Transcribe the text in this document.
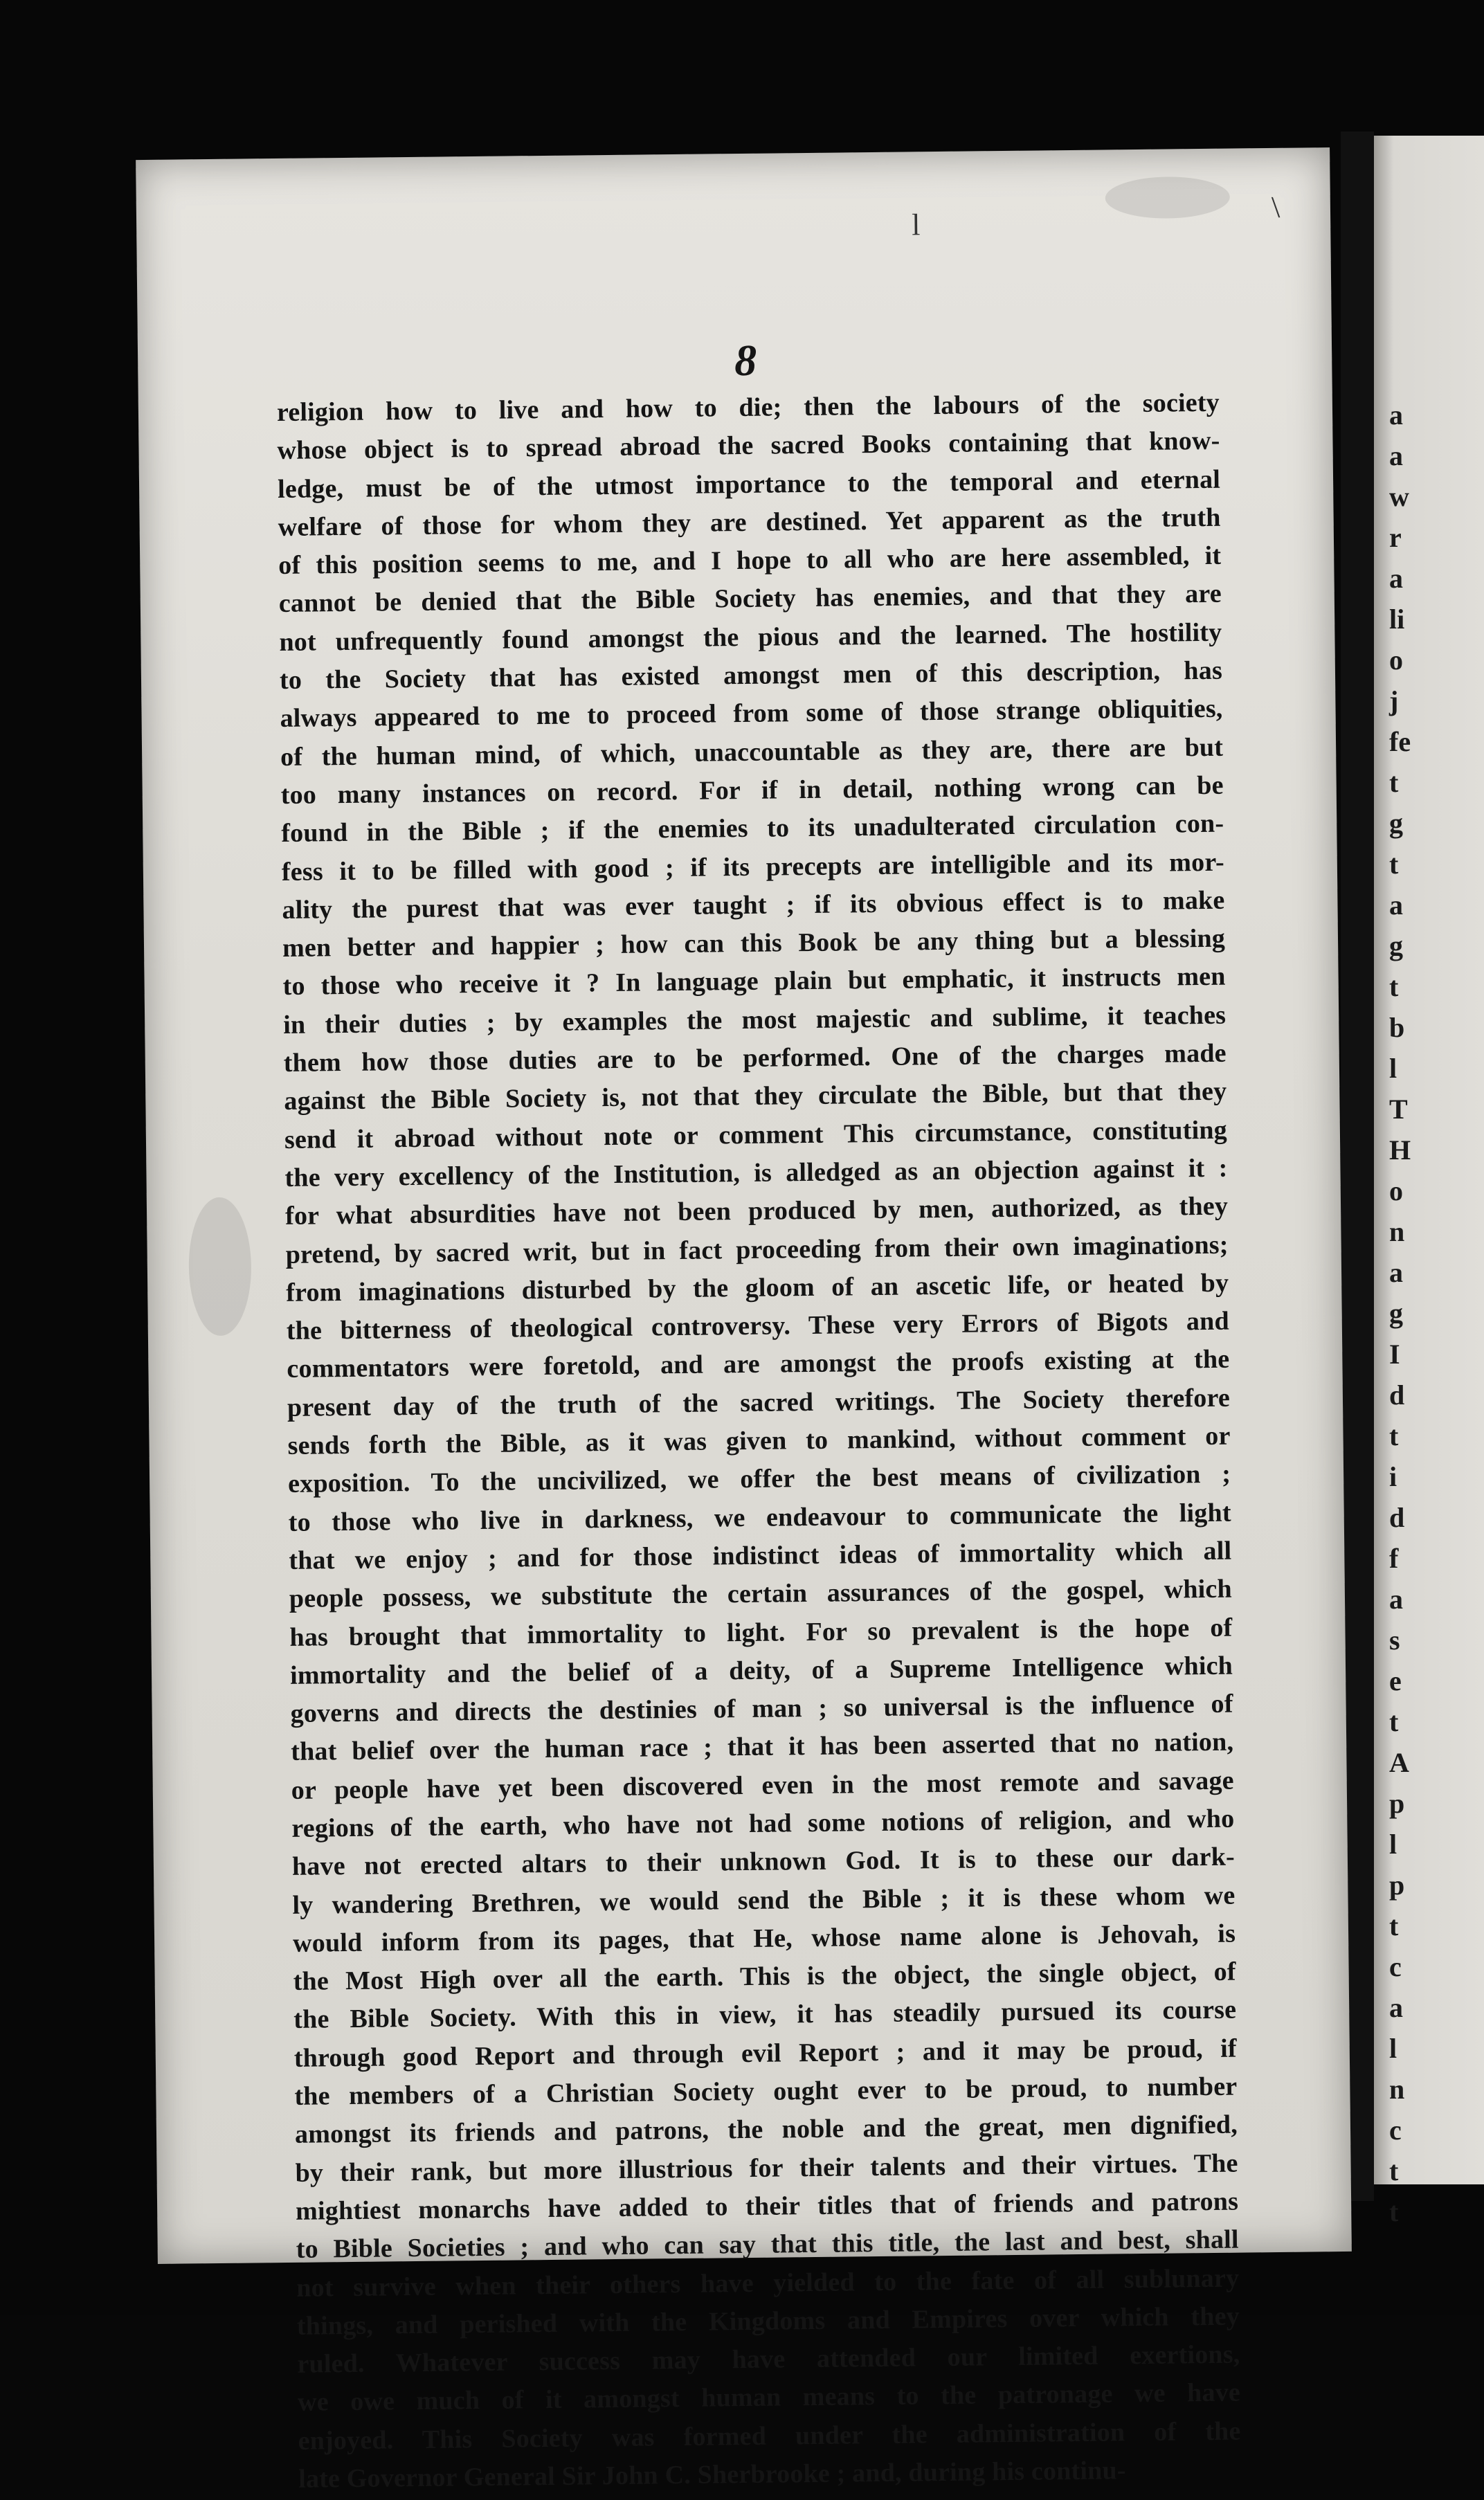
a
a
w
r
a
li
o
j
fe
t
g
t
a
g
t
b
l
T
H
o
n
a
g
I
d
t
i
d
f
a
s
e
t
A
p
l
p
t
c
a
l
n
c
t
t
l
\
8
religion how to live and how to die; then the labours of the society
whose object is to spread abroad the sacred Books containing that know-
ledge, must be of the utmost importance to the temporal and eternal
welfare of those for whom they are destined. Yet apparent as the truth
of this position seems to me, and I hope to all who are here assembled, it
cannot be denied that the Bible Society has enemies, and that they are
not unfrequently found amongst the pious and the learned. The hostility
to the Society that has existed amongst men of this description, has
always appeared to me to proceed from some of those strange obliquities,
of the human mind, of which, unaccountable as they are, there are but
too many instances on record. For if in detail, nothing wrong can be
found in the Bible ; if the enemies to its unadulterated circulation con-
fess it to be filled with good ; if its precepts are intelligible and its mor-
ality the purest that was ever taught ; if its obvious effect is to make
men better and happier ; how can this Book be any thing but a blessing
to those who receive it ? In language plain but emphatic, it instructs men
in their duties ; by examples the most majestic and sublime, it teaches
them how those duties are to be performed. One of the charges made
against the Bible Society is, not that they circulate the Bible, but that they
send it abroad without note or comment This circumstance, constituting
the very excellency of the Institution, is alledged as an objection against it :
for what absurdities have not been produced by men, authorized, as they
pretend, by sacred writ, but in fact proceeding from their own imaginations;
from imaginations disturbed by the gloom of an ascetic life, or heated by
the bitterness of theological controversy. These very Errors of Bigots and
commentators were foretold, and are amongst the proofs existing at the
present day of the truth of the sacred writings. The Society therefore
sends forth the Bible, as it was given to mankind, without comment or
exposition. To the uncivilized, we offer the best means of civilization ;
to those who live in darkness, we endeavour to communicate the light
that we enjoy ; and for those indistinct ideas of immortality which all
people possess, we substitute the certain assurances of the gospel, which
has brought that immortality to light. For so prevalent is the hope of
immortality and the belief of a deity, of a Supreme Intelligence which
governs and directs the destinies of man ; so universal is the influence of
that belief over the human race ; that it has been asserted that no nation,
or people have yet been discovered even in the most remote and savage
regions of the earth, who have not had some notions of religion, and who
have not erected altars to their unknown God. It is to these our dark-
ly wandering Brethren, we would send the Bible ; it is these whom we
would inform from its pages, that He, whose name alone is Jehovah, is
the Most High over all the earth. This is the object, the single object, of
the Bible Society. With this in view, it has steadily pursued its course
through good Report and through evil Report ; and it may be proud, if
the members of a Christian Society ought ever to be proud, to number
amongst its friends and patrons, the noble and the great, men dignified,
by their rank, but more illustrious for their talents and their virtues. The
mightiest monarchs have added to their titles that of friends and patrons
to Bible Societies ; and who can say that this title, the last and best, shall
not survive when their others have yielded to the fate of all sublunary
things, and perished with the Kingdoms and Empires over which they
ruled. Whatever success may have attended our limited exertions,
we owe much of it amongst human means to the patronage we have
enjoyed. This Society was formed under the administration of the
late Governor General Sir John C. Sherbrooke ; and, during his continu-
